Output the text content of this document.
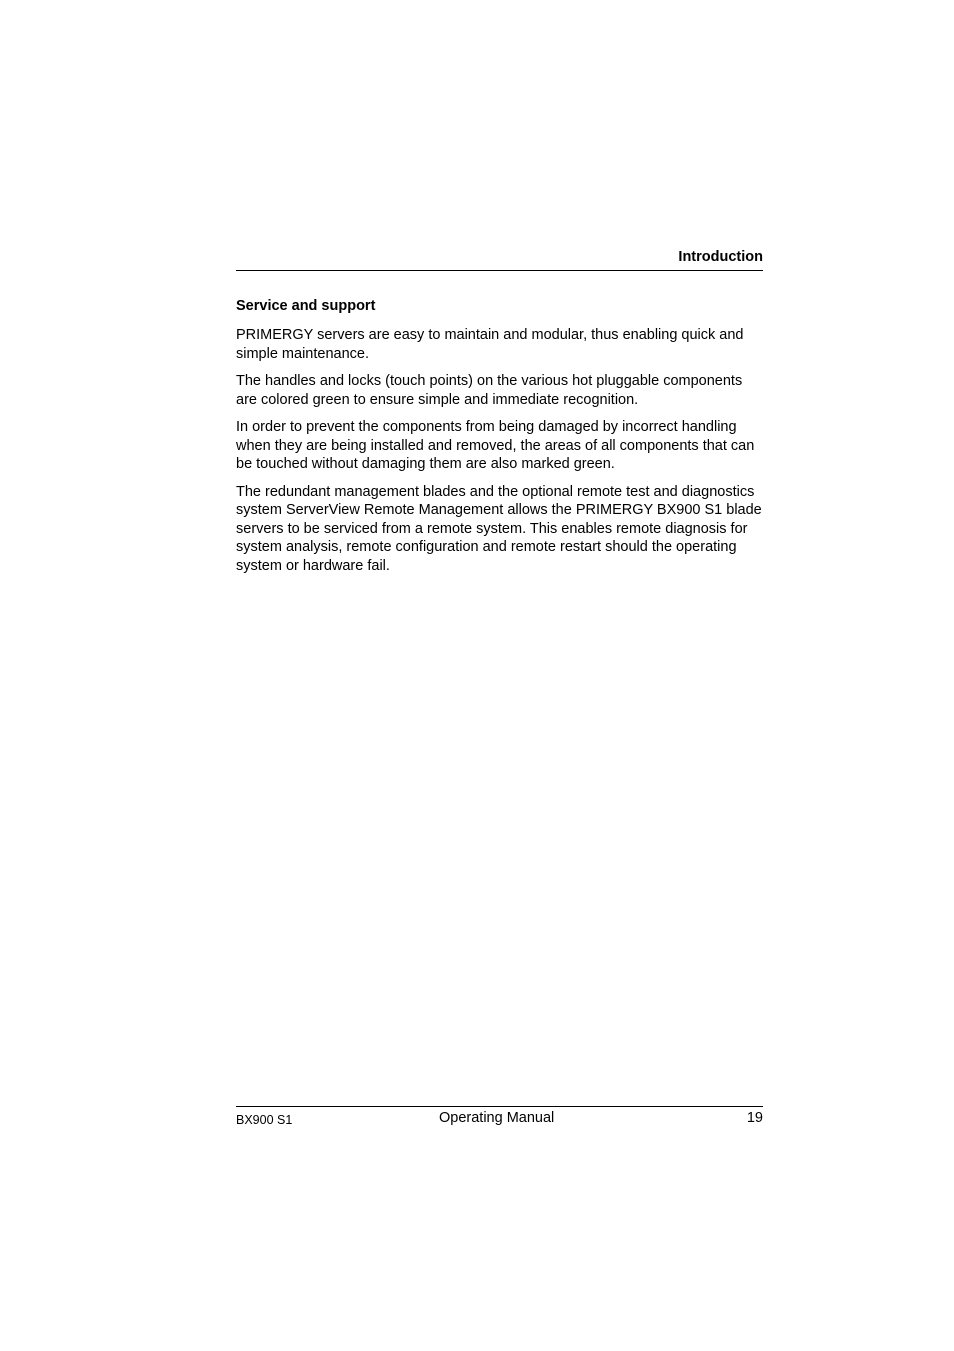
Introduction
Service and support

PRIMERGY servers are easy to maintain and modular, thus enabling quick and simple maintenance.

The handles and locks (touch points) on the various hot pluggable components are colored green to ensure simple and immediate recognition.

In order to prevent the components from being damaged by incorrect handling when they are being installed and removed, the areas of all components that can be touched without damaging them are also marked green.

The redundant management blades and the optional remote test and diagnostics system ServerView Remote Management allows the PRIMERGY BX900 S1 blade servers to be serviced from a remote system. This enables remote diagnosis for system analysis, remote configuration and remote restart should the operating system or hardware fail.

BX900 S1	Operating Manual	19
